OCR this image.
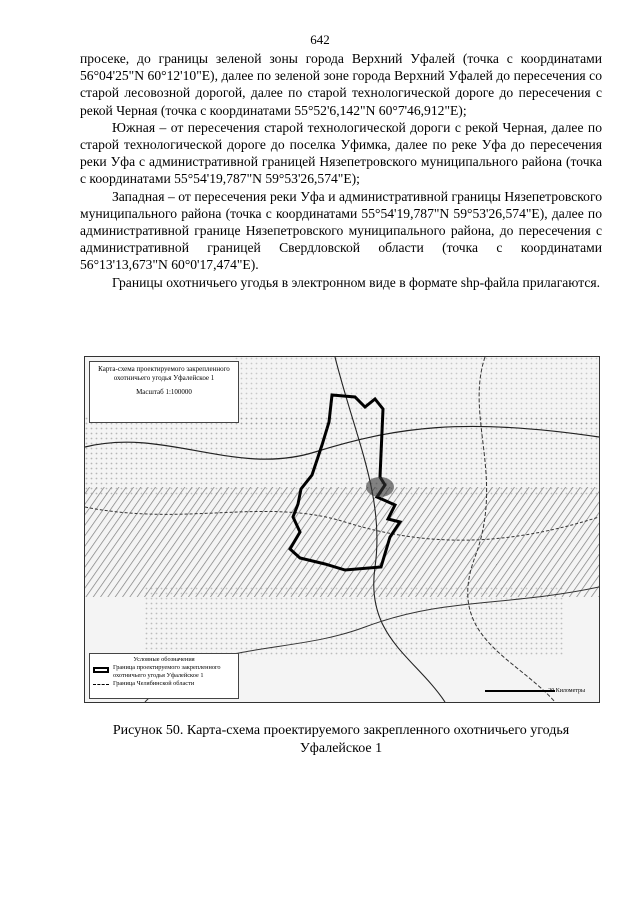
642

просеке, до границы зеленой зоны города Верхний Уфалей (точка с координатами 56°04'25"N 60°12'10"E), далее по зеленой зоне города Верхний Уфалей до пересечения со старой лесовозной дорогой, далее по старой технологической дороге до пересечения с рекой Черная (точка с координатами 55°52'6,142"N 60°7'46,912"E);

Южная – от пересечения старой технологической дороги с рекой Черная, далее по старой технологической дороге до поселка Уфимка, далее по реке Уфа до пересечения реки Уфа с административной границей Нязепетровского муниципального района (точка с координатами 55°54'19,787"N 59°53'26,574"E);

Западная – от пересечения реки Уфа и административной границы Нязепетровского муниципального района (точка с координатами 55°54'19,787"N 59°53'26,574"E), далее по административной границе Нязепетровского муниципального района, до пересечения с административной границей Свердловской области (точка с координатами 56°13'13,673"N 60°0'17,474"E).

Границы охотничьего угодья в электронном виде в формате shp-файла прилагаются.

Карта-схема проектируемого закрепленного охотничьего угодья Уфалейское 1
Масштаб 1:100000
Условные обозначения
Граница проектируемого закрепленного охотничьего угодья Уфалейское 1
Граница Челябинской области
20 Километры
Рисунок 50. Карта-схема проектируемого закрепленного охотничьего угодья Уфалейское 1
